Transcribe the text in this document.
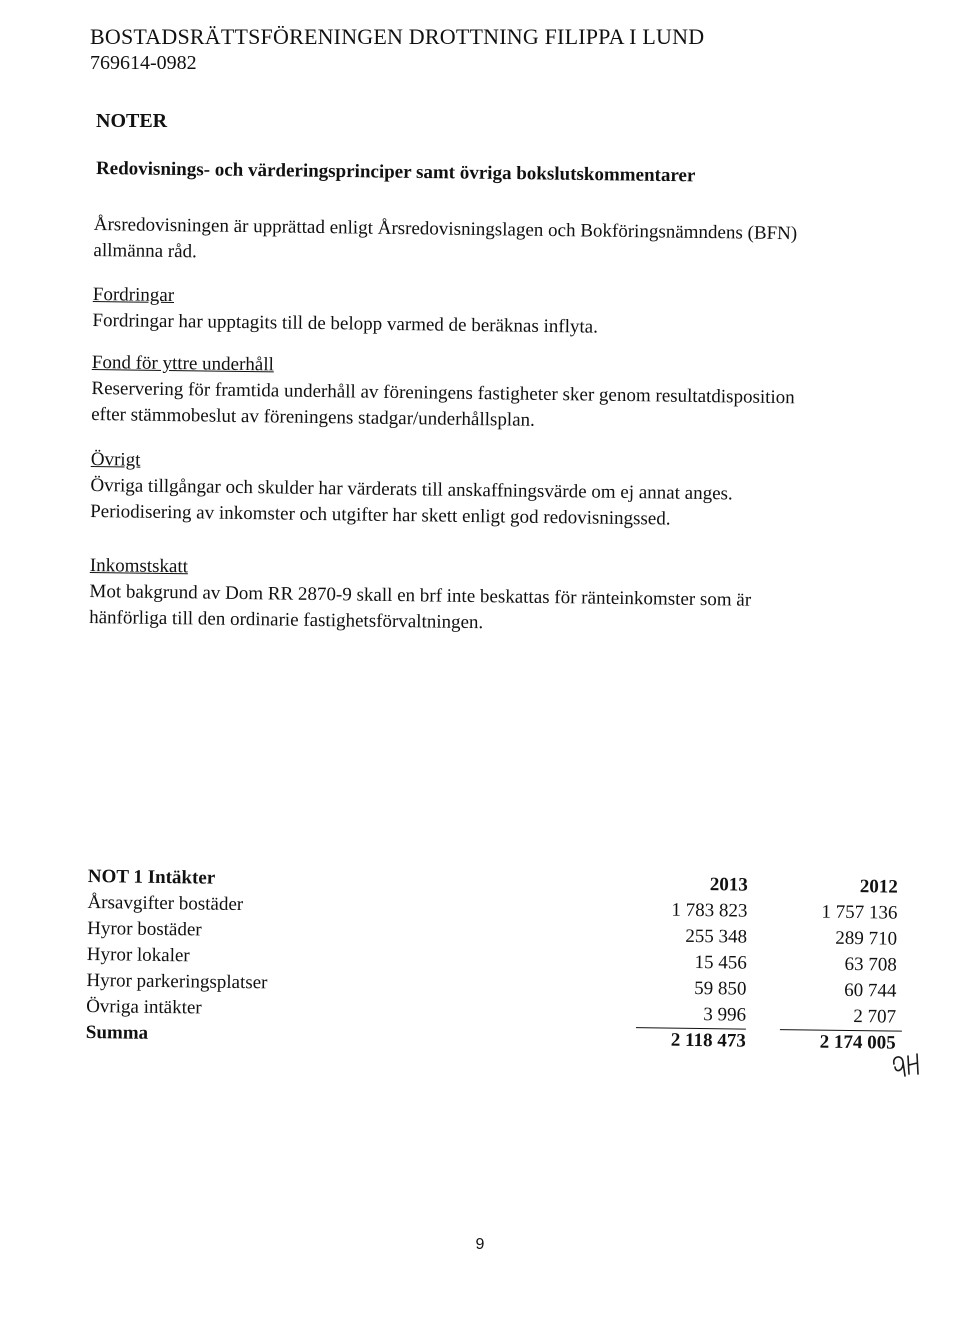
BOSTADSRÄTTSFÖRENINGEN DROTTNING FILIPPA I LUND
769614-0982
NOTER
Redovisnings- och värderingsprinciper samt övriga bokslutskommentarer
Årsredovisningen är upprättad enligt Årsredovisningslagen och Bokföringsnämndens (BFN)
allmänna råd.
Fordringar
Fordringar har upptagits till de belopp varmed de beräknas inflyta.
Fond för yttre underhåll
Reservering för framtida underhåll av föreningens fastigheter sker genom resultatdisposition
efter stämmobeslut av föreningens stadgar/underhållsplan.
Övrigt
Övriga tillgångar och skulder har värderats till anskaffningsvärde om ej annat anges.
Periodisering av inkomster och utgifter har skett enligt god redovisningssed.
Inkomstskatt
Mot bakgrund av Dom RR 2870-9 skall en brf inte beskattas för ränteinkomster som är
hänförliga till den ordinarie fastighetsförvaltningen.
NOT 1 Intäkter	2013	2012
Årsavgifter bostäder	1 783 823	1 757 136
Hyror bostäder	255 348	289 710
Hyror lokaler	15 456	63 708
Hyror parkeringsplatser	59 850	60 744
Övriga intäkter	3 996	2 707
Summa	2 118 473	2 174 005
9
